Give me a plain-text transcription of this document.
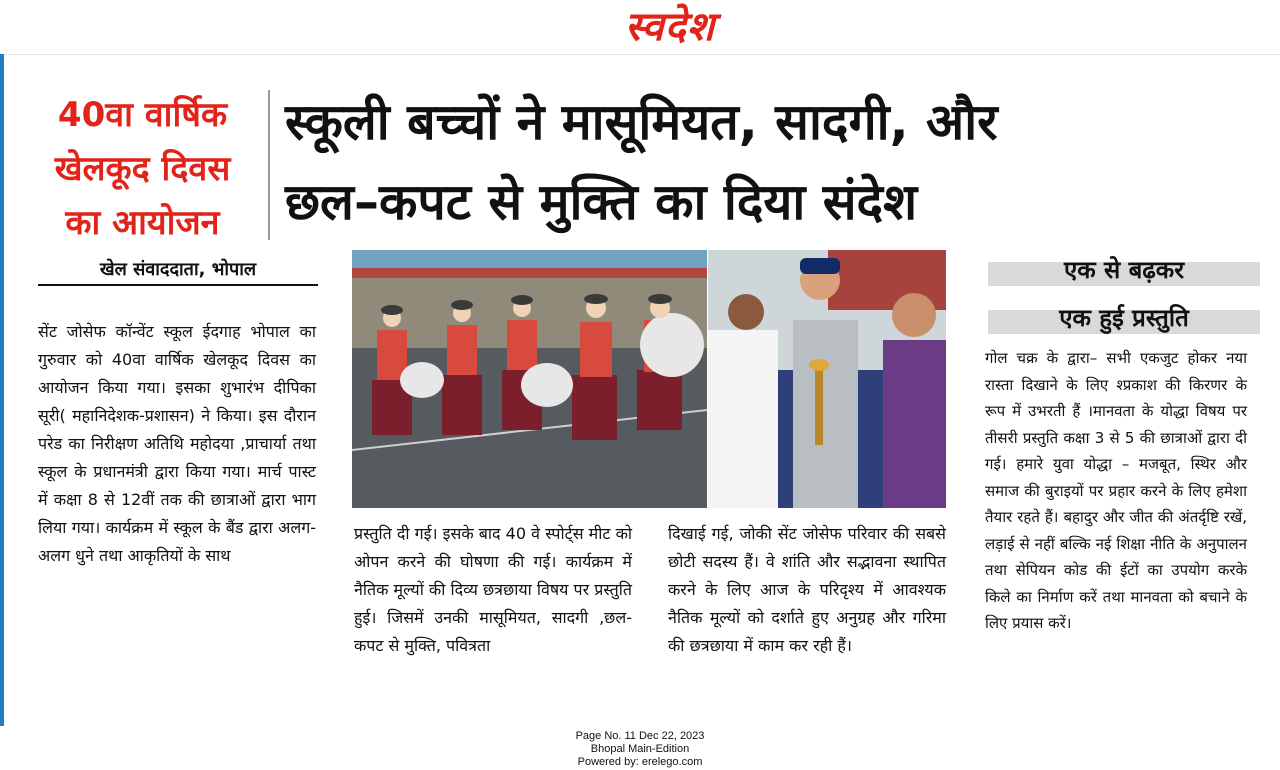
स्वदेश
40वा वार्षिक
खेलकूद दिवस
का आयोजन
स्कूली बच्चों ने मासूमियत, सादगी, और
छल–कपट से मुक्ति का दिया संदेश
खेल संवाददाता, भोपाल

सेंट जोसेफ कॉन्वेंट स्कूल ईदगाह भोपाल का गुरुवार को 40वा वार्षिक खेलकूद दिवस का आयोजन किया गया। इसका शुभारंभ दीपिका सूरी( महानिदेशक-प्रशासन) ने किया। इस दौरान परेड का निरीक्षण अतिथि महोदया ,प्राचार्या तथा स्कूल के प्रधानमंत्री द्वारा किया गया। मार्च पास्ट में कक्षा 8 से 12वीं तक की छात्राओं द्वारा भाग लिया गया। कार्यक्रम में स्कूल के बैंड द्वारा अलग-अलग धुने तथा आकृतियों के साथ

प्रस्तुति दी गई। इसके बाद 40 वे स्पोर्ट्स मीट को ओपन करने की घोषणा की गई। कार्यक्रम में नैतिक मूल्यों की दिव्य छत्रछाया विषय पर प्रस्तुति हुई। जिसमें उनकी मासूमियत, सादगी ,छल-कपट से मुक्ति, पवित्रता

दिखाई गई, जोकी सेंट जोसेफ परिवार की सबसे छोटी सदस्य हैं। वे शांति और सद्भावना स्थापित करने के लिए आज के परिदृश्य में आवश्यक नैतिक मूल्यों को दर्शाते हुए अनुग्रह और गरिमा की छत्रछाया में काम कर रही हैं।

एक से बढ़कर
एक हुई प्रस्तुति

गोल चक्र के द्वारा– सभी एकजुट होकर नया रास्ता दिखाने के लिए श्प्रकाश की किरणर के रूप में उभरती हैं ।मानवता के योद्धा विषय पर तीसरी प्रस्तुति कक्षा 3 से 5 की छात्राओं द्वारा दी गई। हमारे युवा योद्धा – मजबूत, स्थिर और समाज की बुराइयों पर प्रहार करने के लिए हमेशा तैयार रहते हैं। बहादुर और जीत की अंतर्दृष्टि रखें, लड़ाई से नहीं बल्कि नई शिक्षा नीति के अनुपालन तथा सेपियन कोड की ईटों का उपयोग करके किले का निर्माण करें तथा मानवता को बचाने के लिए प्रयास करें।

Page No. 11 Dec 22, 2023
Bhopal Main-Edition
Powered by: erelego.com
